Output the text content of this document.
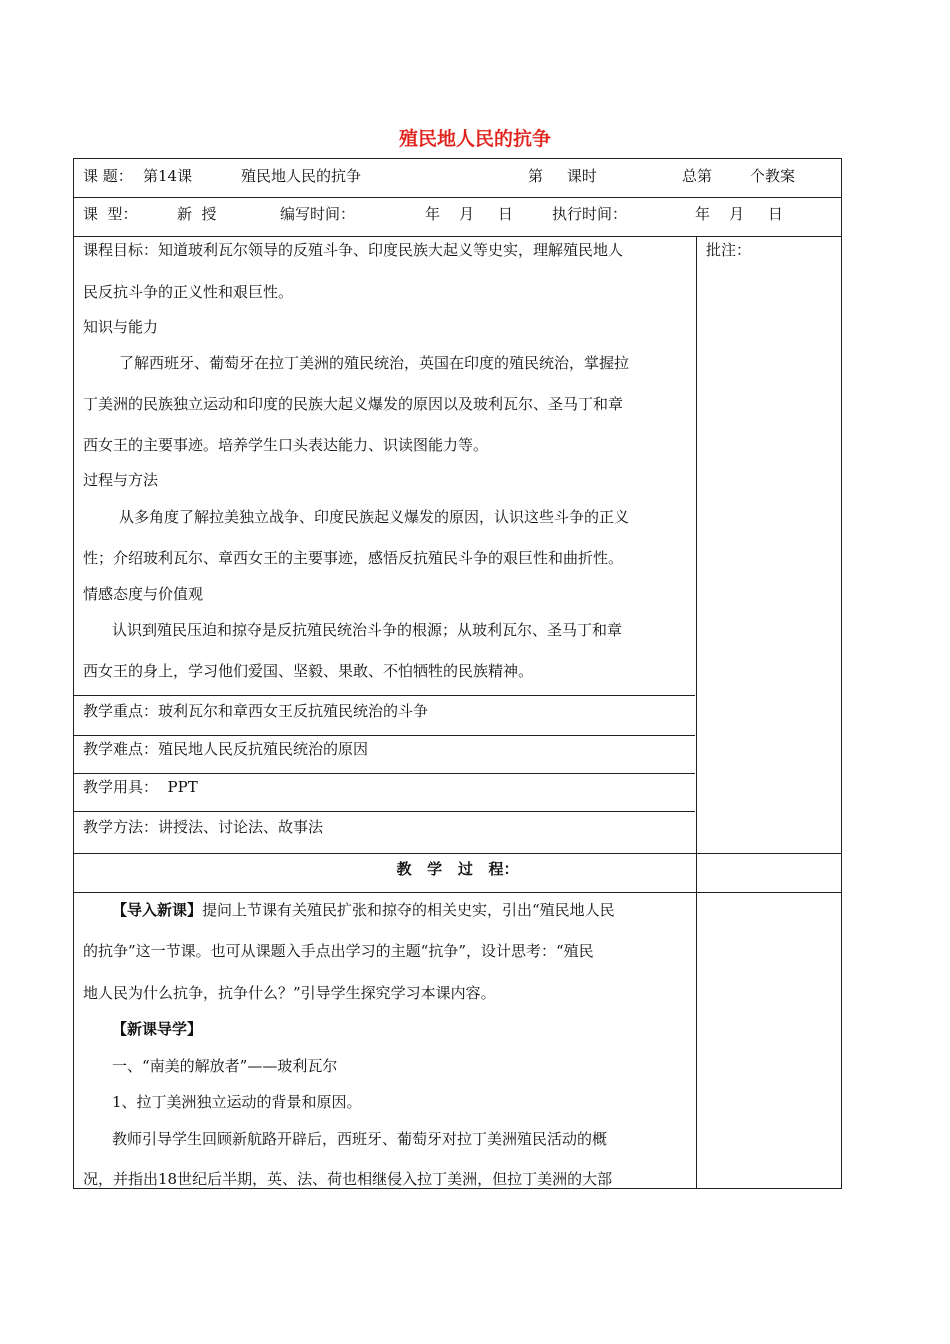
殖民地人民的抗争
课 题： 第14课	殖民地人民的抗争	第     课时	总第	个教案
课  型：	新  授	编写时间：	年    月     日	执行时间：	年    月     日
课程目标：知道玻利瓦尔领导的反殖斗争、印度民族大起义等史实，理解殖民地人
民反抗斗争的正义性和艰巨性。
知识与能力
了解西班牙、葡萄牙在拉丁美洲的殖民统治，英国在印度的殖民统治，掌握拉
丁美洲的民族独立运动和印度的民族大起义爆发的原因以及玻利瓦尔、圣马丁和章
西女王的主要事迹。培养学生口头表达能力、识读图能力等。
过程与方法
从多角度了解拉美独立战争、印度民族起义爆发的原因，认识这些斗争的正义
性；介绍玻利瓦尔、章西女王的主要事迹，感悟反抗殖民斗争的艰巨性和曲折性。
情感态度与价值观
认识到殖民压迫和掠夺是反抗殖民统治斗争的根源；从玻利瓦尔、圣马丁和章
西女王的身上，学习他们爱国、坚毅、果敢、不怕牺牲的民族精神。
批注：
教学重点：玻利瓦尔和章西女王反抗殖民统治的斗争
教学难点：殖民地人民反抗殖民统治的原因
教学用具：  PPT
教学方法：讲授法、讨论法、故事法
教   学   过   程：
【导入新课】提问上节课有关殖民扩张和掠夺的相关史实，引出“殖民地人民
的抗争”这一节课。也可从课题入手点出学习的主题“抗争”，设计思考：“殖民
地人民为什么抗争，抗争什么？”引导学生探究学习本课内容。
【新课导学】
一、“南美的解放者”——玻利瓦尔
1、拉丁美洲独立运动的背景和原因。
教师引导学生回顾新航路开辟后，西班牙、葡萄牙对拉丁美洲殖民活动的概
况，并指出18世纪后半期，英、法、荷也相继侵入拉丁美洲，但拉丁美洲的大部
